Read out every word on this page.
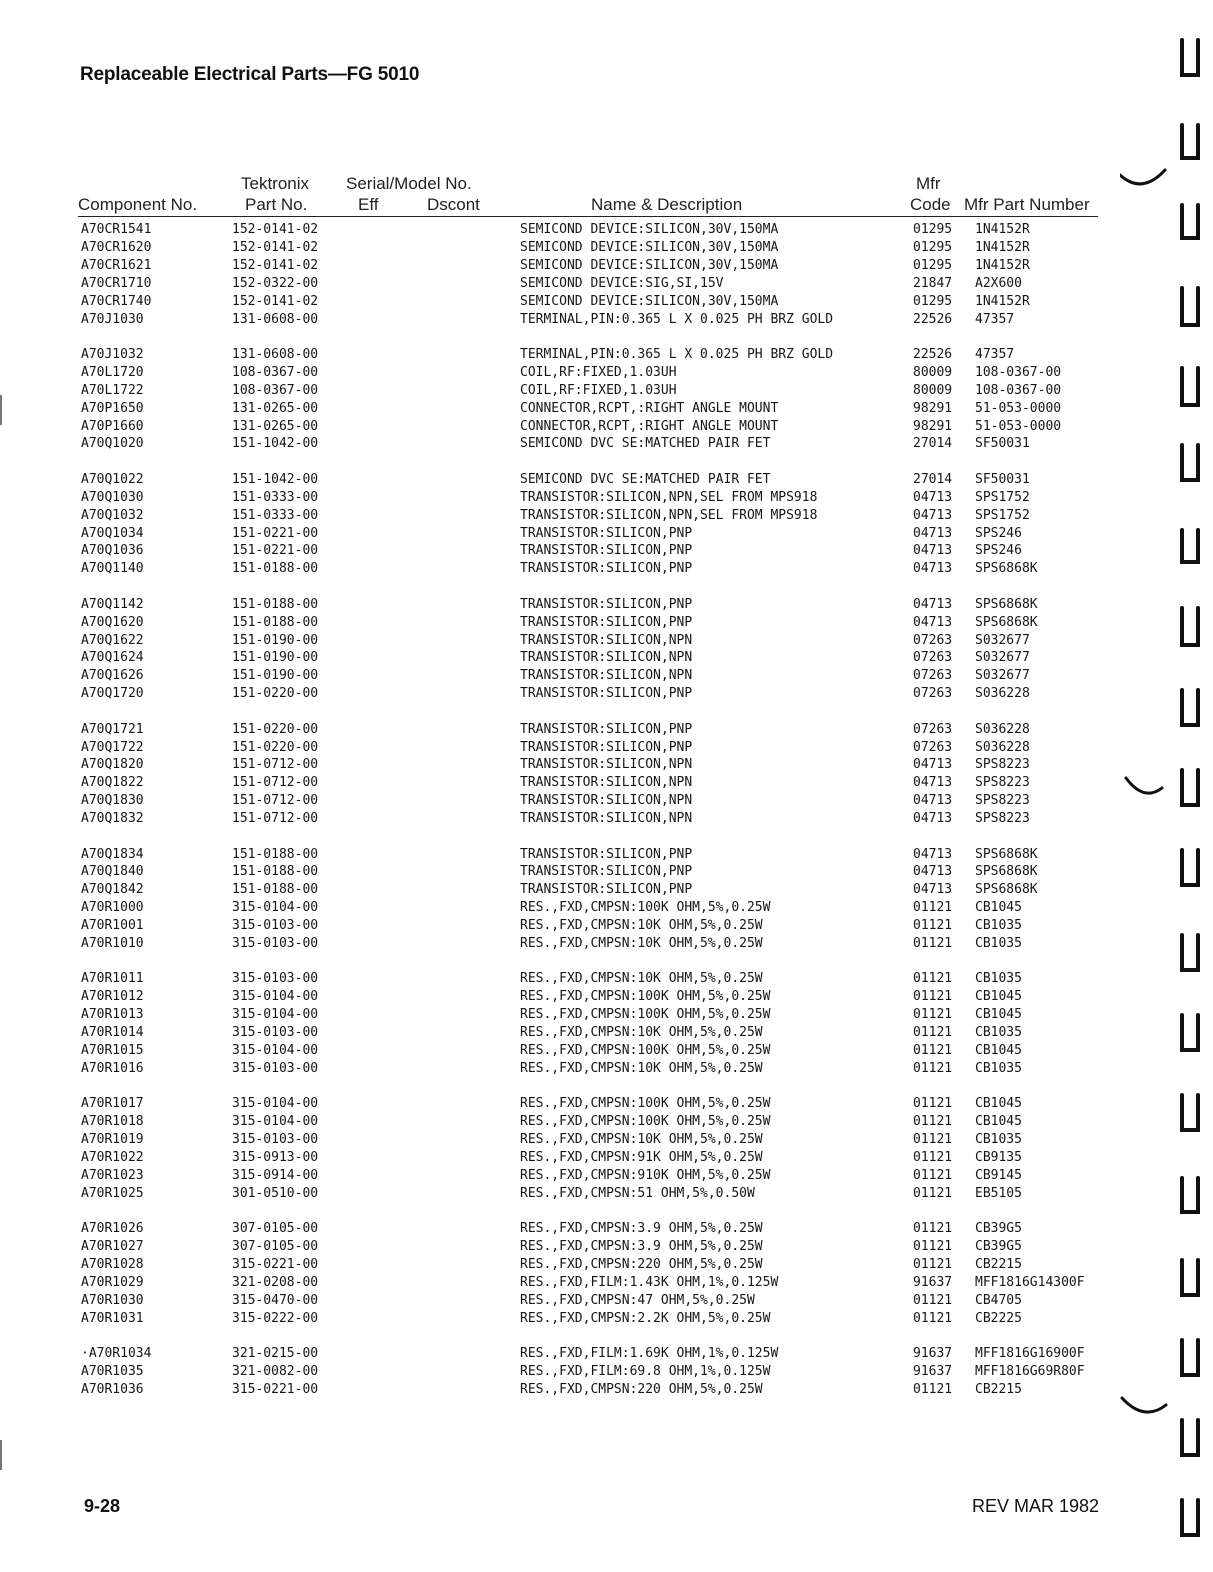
Replaceable Electrical Parts—FG 5010
Tektronix Serial/Model No.	Mfr
Component No.	Part No.	Eff	Dscont	Name & Description	Code Mfr Part Number
A70CR1541	152-0141-02	SEMICOND DEVICE:SILICON,30V,150MA	01295 1N4152R
A70CR1620	152-0141-02	SEMICOND DEVICE:SILICON,30V,150MA	01295 1N4152R
A70CR1621	152-0141-02	SEMICOND DEVICE:SILICON,30V,150MA	01295 1N4152R
A70CR1710	152-0322-00	SEMICOND DEVICE:SIG,SI,15V	21847 A2X600
A70CR1740	152-0141-02	SEMICOND DEVICE:SILICON,30V,150MA	01295 1N4152R
A70J1030	131-0608-00	TERMINAL,PIN:0.365 L X 0.025 PH BRZ GOLD	22526 47357
A70J1032	131-0608-00	TERMINAL,PIN:0.365 L X 0.025 PH BRZ GOLD	22526 47357
A70L1720	108-0367-00	COIL,RF:FIXED,1.03UH	80009 108-0367-00
A70L1722	108-0367-00	COIL,RF:FIXED,1.03UH	80009 108-0367-00
A70P1650	131-0265-00	CONNECTOR,RCPT,:RIGHT ANGLE MOUNT	98291 51-053-0000
A70P1660	131-0265-00	CONNECTOR,RCPT,:RIGHT ANGLE MOUNT	98291 51-053-0000
A70Q1020	151-1042-00	SEMICOND DVC SE:MATCHED PAIR FET	27014 SF50031
A70Q1022	151-1042-00	SEMICOND DVC SE:MATCHED PAIR FET	27014 SF50031
A70Q1030	151-0333-00	TRANSISTOR:SILICON,NPN,SEL FROM MPS918	04713 SPS1752
A70Q1032	151-0333-00	TRANSISTOR:SILICON,NPN,SEL FROM MPS918	04713 SPS1752
A70Q1034	151-0221-00	TRANSISTOR:SILICON,PNP	04713 SPS246
A70Q1036	151-0221-00	TRANSISTOR:SILICON,PNP	04713 SPS246
A70Q1140	151-0188-00	TRANSISTOR:SILICON,PNP	04713 SPS6868K
A70Q1142	151-0188-00	TRANSISTOR:SILICON,PNP	04713 SPS6868K
A70Q1620	151-0188-00	TRANSISTOR:SILICON,PNP	04713 SPS6868K
A70Q1622	151-0190-00	TRANSISTOR:SILICON,NPN	07263 S032677
A70Q1624	151-0190-00	TRANSISTOR:SILICON,NPN	07263 S032677
A70Q1626	151-0190-00	TRANSISTOR:SILICON,NPN	07263 S032677
A70Q1720	151-0220-00	TRANSISTOR:SILICON,PNP	07263 S036228
A70Q1721	151-0220-00	TRANSISTOR:SILICON,PNP	07263 S036228
A70Q1722	151-0220-00	TRANSISTOR:SILICON,PNP	07263 S036228
A70Q1820	151-0712-00	TRANSISTOR:SILICON,NPN	04713 SPS8223
A70Q1822	151-0712-00	TRANSISTOR:SILICON,NPN	04713 SPS8223
A70Q1830	151-0712-00	TRANSISTOR:SILICON,NPN	04713 SPS8223
A70Q1832	151-0712-00	TRANSISTOR:SILICON,NPN	04713 SPS8223
A70Q1834	151-0188-00	TRANSISTOR:SILICON,PNP	04713 SPS6868K
A70Q1840	151-0188-00	TRANSISTOR:SILICON,PNP	04713 SPS6868K
A70Q1842	151-0188-00	TRANSISTOR:SILICON,PNP	04713 SPS6868K
A70R1000	315-0104-00	RES.,FXD,CMPSN:100K OHM,5%,0.25W	01121 CB1045
A70R1001	315-0103-00	RES.,FXD,CMPSN:10K OHM,5%,0.25W	01121 CB1035
A70R1010	315-0103-00	RES.,FXD,CMPSN:10K OHM,5%,0.25W	01121 CB1035
A70R1011	315-0103-00	RES.,FXD,CMPSN:10K OHM,5%,0.25W	01121 CB1035
A70R1012	315-0104-00	RES.,FXD,CMPSN:100K OHM,5%,0.25W	01121 CB1045
A70R1013	315-0104-00	RES.,FXD,CMPSN:100K OHM,5%,0.25W	01121 CB1045
A70R1014	315-0103-00	RES.,FXD,CMPSN:10K OHM,5%,0.25W	01121 CB1035
A70R1015	315-0104-00	RES.,FXD,CMPSN:100K OHM,5%,0.25W	01121 CB1045
A70R1016	315-0103-00	RES.,FXD,CMPSN:10K OHM,5%,0.25W	01121 CB1035
A70R1017	315-0104-00	RES.,FXD,CMPSN:100K OHM,5%,0.25W	01121 CB1045
A70R1018	315-0104-00	RES.,FXD,CMPSN:100K OHM,5%,0.25W	01121 CB1045
A70R1019	315-0103-00	RES.,FXD,CMPSN:10K OHM,5%,0.25W	01121 CB1035
A70R1022	315-0913-00	RES.,FXD,CMPSN:91K OHM,5%,0.25W	01121 CB9135
A70R1023	315-0914-00	RES.,FXD,CMPSN:910K OHM,5%,0.25W	01121 CB9145
A70R1025	301-0510-00	RES.,FXD,CMPSN:51 OHM,5%,0.50W	01121 EB5105
A70R1026	307-0105-00	RES.,FXD,CMPSN:3.9 OHM,5%,0.25W	01121 CB39G5
A70R1027	307-0105-00	RES.,FXD,CMPSN:3.9 OHM,5%,0.25W	01121 CB39G5
A70R1028	315-0221-00	RES.,FXD,CMPSN:220 OHM,5%,0.25W	01121 CB2215
A70R1029	321-0208-00	RES.,FXD,FILM:1.43K OHM,1%,0.125W	91637 MFF1816G14300F
A70R1030	315-0470-00	RES.,FXD,CMPSN:47 OHM,5%,0.25W	01121 CB4705
A70R1031	315-0222-00	RES.,FXD,CMPSN:2.2K OHM,5%,0.25W	01121 CB2225
·A70R1034	321-0215-00	RES.,FXD,FILM:1.69K OHM,1%,0.125W	91637 MFF1816G16900F
A70R1035	321-0082-00	RES.,FXD,FILM:69.8 OHM,1%,0.125W	91637 MFF1816G69R80F
A70R1036	315-0221-00	RES.,FXD,CMPSN:220 OHM,5%,0.25W	01121 CB2215
9-28	REV MAR 1982
